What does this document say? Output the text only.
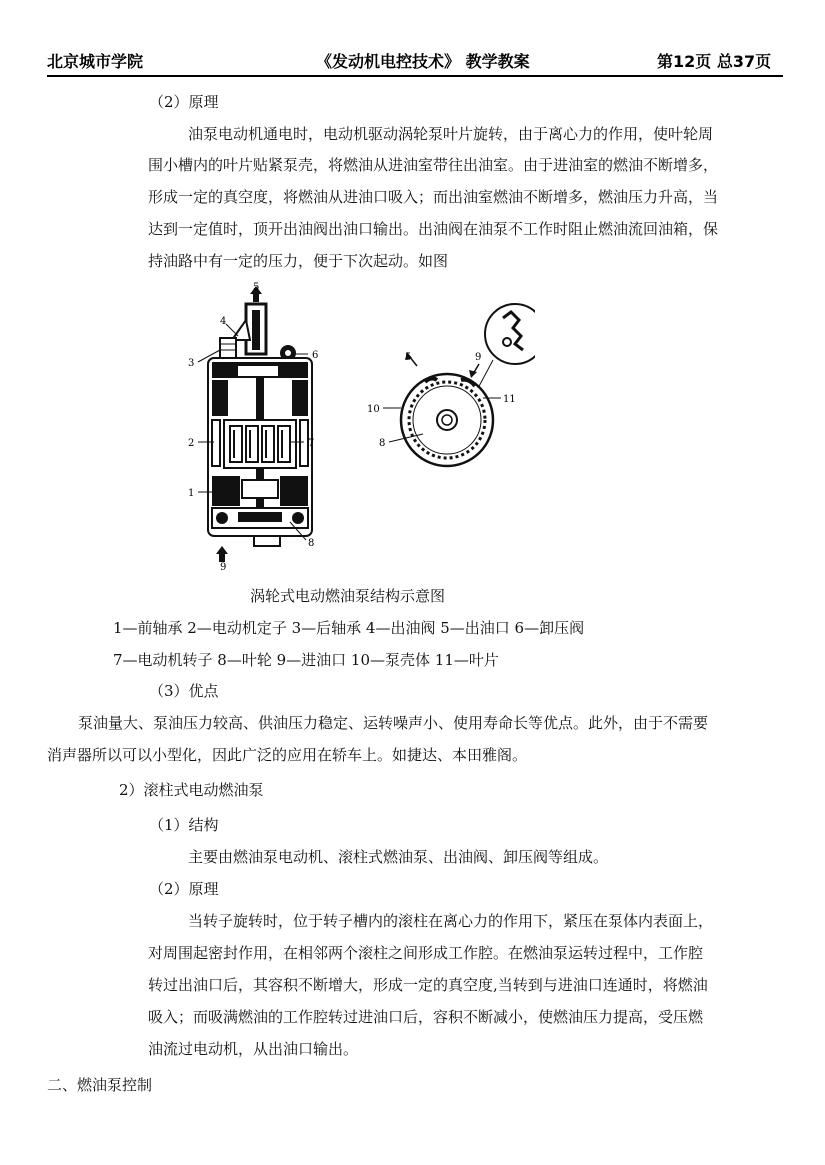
北京城市学院	《发动机电控技术》 教学教案	第12页 总37页
（2）原理
油泵电动机通电时，电动机驱动涡轮泵叶片旋转，由于离心力的作用，使叶轮周
围小槽内的叶片贴紧泵壳，将燃油从进油室带往出油室。由于进油室的燃油不断增多，
形成一定的真空度，将燃油从进油口吸入；而出油室燃油不断增多，燃油压力升高，当
达到一定值时，顶开出油阀出油口输出。出油阀在油泵不工作时阻止燃油流回油箱，保
持油路中有一定的压力，便于下次起动。如图
1
2
3
4
5
6
7
8
9
5	9
10
11
8
涡轮式电动燃油泵结构示意图
1—前轴承 2—电动机定子 3—后轴承 4—出油阀 5—出油口 6—卸压阀
7—电动机转子 8—叶轮 9—进油口 10—泵壳体 11—叶片
（3）优点
泵油量大、泵油压力较高、供油压力稳定、运转噪声小、使用寿命长等优点。此外，由于不需要
消声器所以可以小型化，因此广泛的应用在轿车上。如捷达、本田雅阁。
2）滚柱式电动燃油泵
（1）结构
主要由燃油泵电动机、滚柱式燃油泵、出油阀、卸压阀等组成。
（2）原理
当转子旋转时，位于转子槽内的滚柱在离心力的作用下，紧压在泵体内表面上，
对周围起密封作用，在相邻两个滚柱之间形成工作腔。在燃油泵运转过程中，工作腔
转过出油口后，其容积不断增大，形成一定的真空度,当转到与进油口连通时，将燃油
吸入；而吸满燃油的工作腔转过进油口后，容积不断减小，使燃油压力提高，受压燃
油流过电动机，从出油口输出。
二、燃油泵控制
